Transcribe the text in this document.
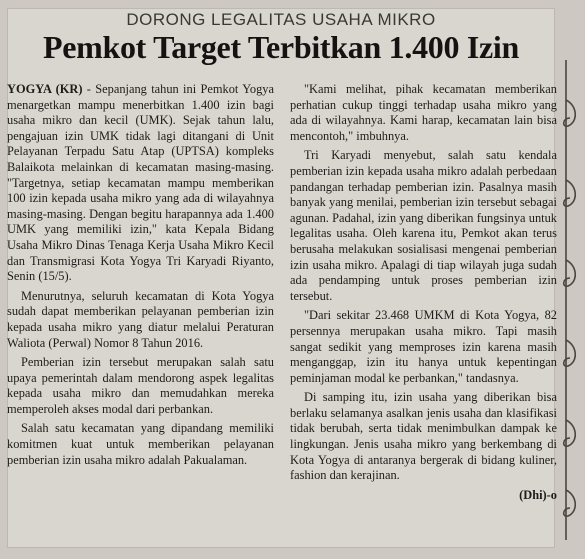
DORONG LEGALITAS USAHA MIKRO
Pemkot Target Terbitkan 1.400 Izin

YOGYA (KR) - Sepanjang tahun ini Pemkot Yogya menargetkan mampu menerbitkan 1.400 izin bagi usaha mikro dan kecil (UMK). Sejak tahun lalu, pengajuan izin UMK tidak lagi ditangani di Unit Pelayanan Terpadu Satu Atap (UPTSA) kompleks Balaikota melainkan di kecamatan masing-masing. "Targetnya, setiap kecamatan mampu memberikan 100 izin kepada usaha mikro yang ada di wilayahnya masing-masing. Dengan begitu harapannya ada 1.400 UMK yang memiliki izin," kata Kepala Bidang Usaha Mikro Dinas Tenaga Kerja Usaha Mikro Kecil dan Transmigrasi Kota Yogya Tri Karyadi Riyanto, Senin (15/5).

Menurutnya, seluruh kecamatan di Kota Yogya sudah dapat memberikan pelayanan pemberian izin kepada usaha mikro yang diatur melalui Peraturan Waliota (Perwal) Nomor 8 Tahun 2016.

Pemberian izin tersebut merupakan salah satu upaya pemerintah dalam mendorong aspek legalitas kepada usaha mikro dan memudahkan mereka memperoleh akses modal dari perbankan.

Salah satu kecamatan yang dipandang memiliki komitmen kuat untuk memberikan pelayanan pemberian izin usaha mikro adalah Pakualaman.

"Kami melihat, pihak kecamatan memberikan perhatian cukup tinggi terhadap usaha mikro yang ada di wilayahnya. Kami harap, kecamatan lain bisa mencontoh," imbuhnya.

Tri Karyadi menyebut, salah satu kendala pemberian izin kepada usaha mikro adalah perbedaan pandangan terhadap pemberian izin. Pasalnya masih banyak yang menilai, pemberian izin tersebut sebagai agunan. Padahal, izin yang diberikan fungsinya untuk legalitas usaha. Oleh karena itu, Pemkot akan terus berusaha melakukan sosialisasi mengenai pemberian izin usaha mikro. Apalagi di tiap wilayah juga sudah ada pendamping untuk proses pemberian izin tersebut.

"Dari sekitar 23.468 UMKM di Kota Yogya, 82 persennya merupakan usaha mikro. Tapi masih sangat sedikit yang memproses izin karena masih menganggap, izin itu hanya untuk kepentingan peminjaman modal ke perbankan," tandasnya.

Di samping itu, izin usaha yang diberikan bisa berlaku selamanya asalkan jenis usaha dan klasifikasi tidak berubah, serta tidak menimbulkan dampak ke lingkungan. Jenis usaha mikro yang berkembang di Kota Yogya di antaranya bergerak di bidang kuliner, fashion dan kerajinan.

(Dhi)-o
